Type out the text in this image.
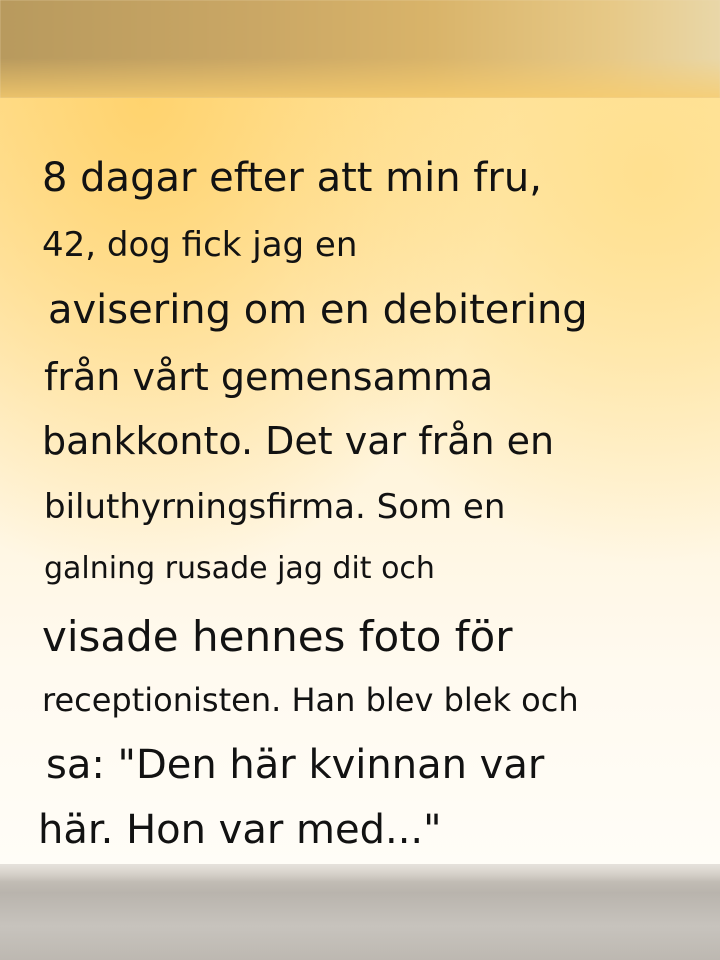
8 dagar efter att min fru,

42, dog fick jag en

avisering om en debitering

från vårt gemensamma

bankkonto. Det var från en

biluthyrningsfirma. Som en

galning rusade jag dit och

visade hennes foto för

receptionisten. Han blev blek och

sa: "Den här kvinnan var

här. Hon var med..."
